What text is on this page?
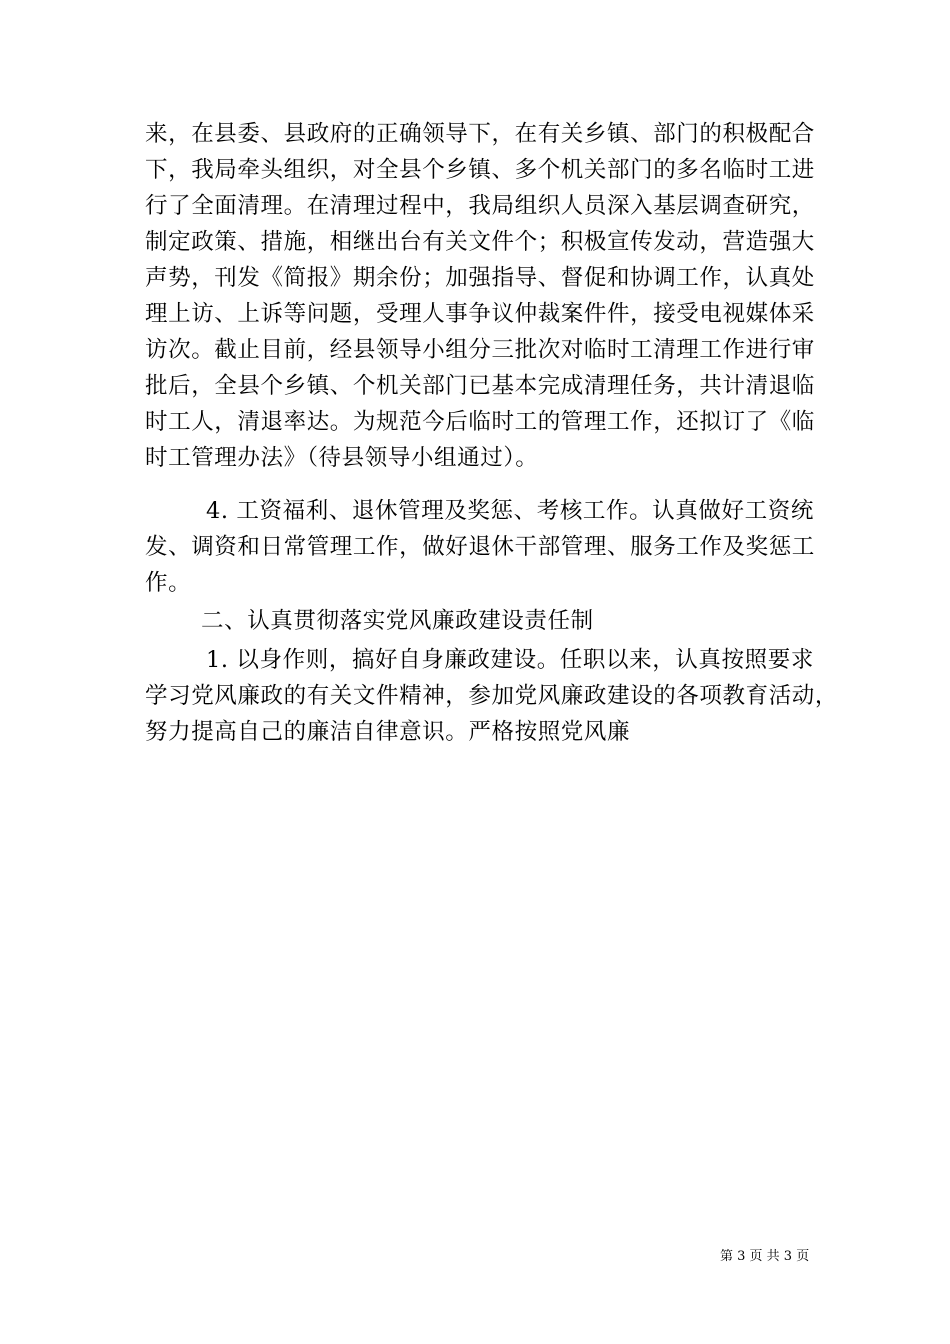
来，在县委、县政府的正确领导下，在有关乡镇、部门的积极配合
下，我局牵头组织，对全县个乡镇、多个机关部门的多名临时工进
行了全面清理。在清理过程中，我局组织人员深入基层调查研究，
制定政策、措施，相继出台有关文件个；积极宣传发动，营造强大
声势，刊发《简报》期余份；加强指导、督促和协调工作，认真处
理上访、上诉等问题，受理人事争议仲裁案件件，接受电视媒体采
访次。截止目前，经县领导小组分三批次对临时工清理工作进行审
批后，全县个乡镇、个机关部门已基本完成清理任务，共计清退临
时工人，清退率达。为规范今后临时工的管理工作，还拟订了《临
时工管理办法》（待县领导小组通过）。
4. 工资福利、退休管理及奖惩、考核工作。认真做好工资统
发、调资和日常管理工作，做好退休干部管理、服务工作及奖惩工
作。
二、认真贯彻落实党风廉政建设责任制
1. 以身作则，搞好自身廉政建设。任职以来，认真按照要求
学习党风廉政的有关文件精神，参加党风廉政建设的各项教育活动，
努力提高自己的廉洁自律意识。严格按照党风廉
第 3 页 共 3 页
